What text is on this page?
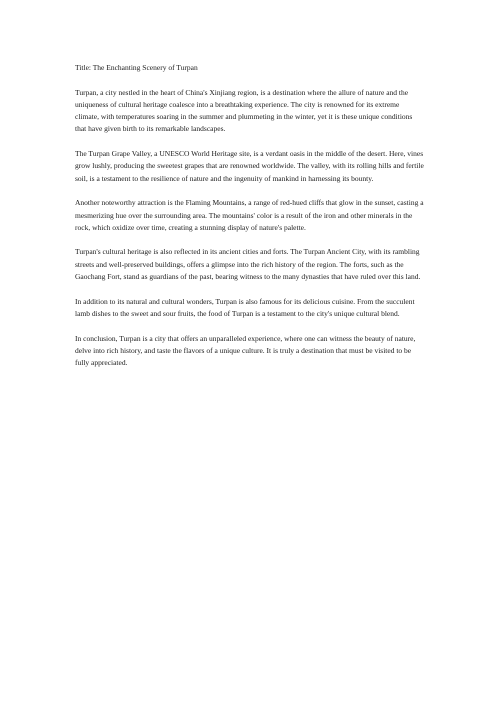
Title: The Enchanting Scenery of Turpan

Turpan, a city nestled in the heart of China's Xinjiang region, is a destination where the allure of nature and the uniqueness of cultural heritage coalesce into a breathtaking experience. The city is renowned for its extreme climate, with temperatures soaring in the summer and plummeting in the winter, yet it is these unique conditions that have given birth to its remarkable landscapes.

The Turpan Grape Valley, a UNESCO World Heritage site, is a verdant oasis in the middle of the desert. Here, vines grow lushly, producing the sweetest grapes that are renowned worldwide. The valley, with its rolling hills and fertile soil, is a testament to the resilience of nature and the ingenuity of mankind in harnessing its bounty.

Another noteworthy attraction is the Flaming Mountains, a range of red-hued cliffs that glow in the sunset, casting a mesmerizing hue over the surrounding area. The mountains' color is a result of the iron and other minerals in the rock, which oxidize over time, creating a stunning display of nature's palette.

Turpan's cultural heritage is also reflected in its ancient cities and forts. The Turpan Ancient City, with its rambling streets and well-preserved buildings, offers a glimpse into the rich history of the region. The forts, such as the Gaochang Fort, stand as guardians of the past, bearing witness to the many dynasties that have ruled over this land.

In addition to its natural and cultural wonders, Turpan is also famous for its delicious cuisine. From the succulent lamb dishes to the sweet and sour fruits, the food of Turpan is a testament to the city's unique cultural blend.

In conclusion, Turpan is a city that offers an unparalleled experience, where one can witness the beauty of nature, delve into rich history, and taste the flavors of a unique culture. It is truly a destination that must be visited to be fully appreciated.
